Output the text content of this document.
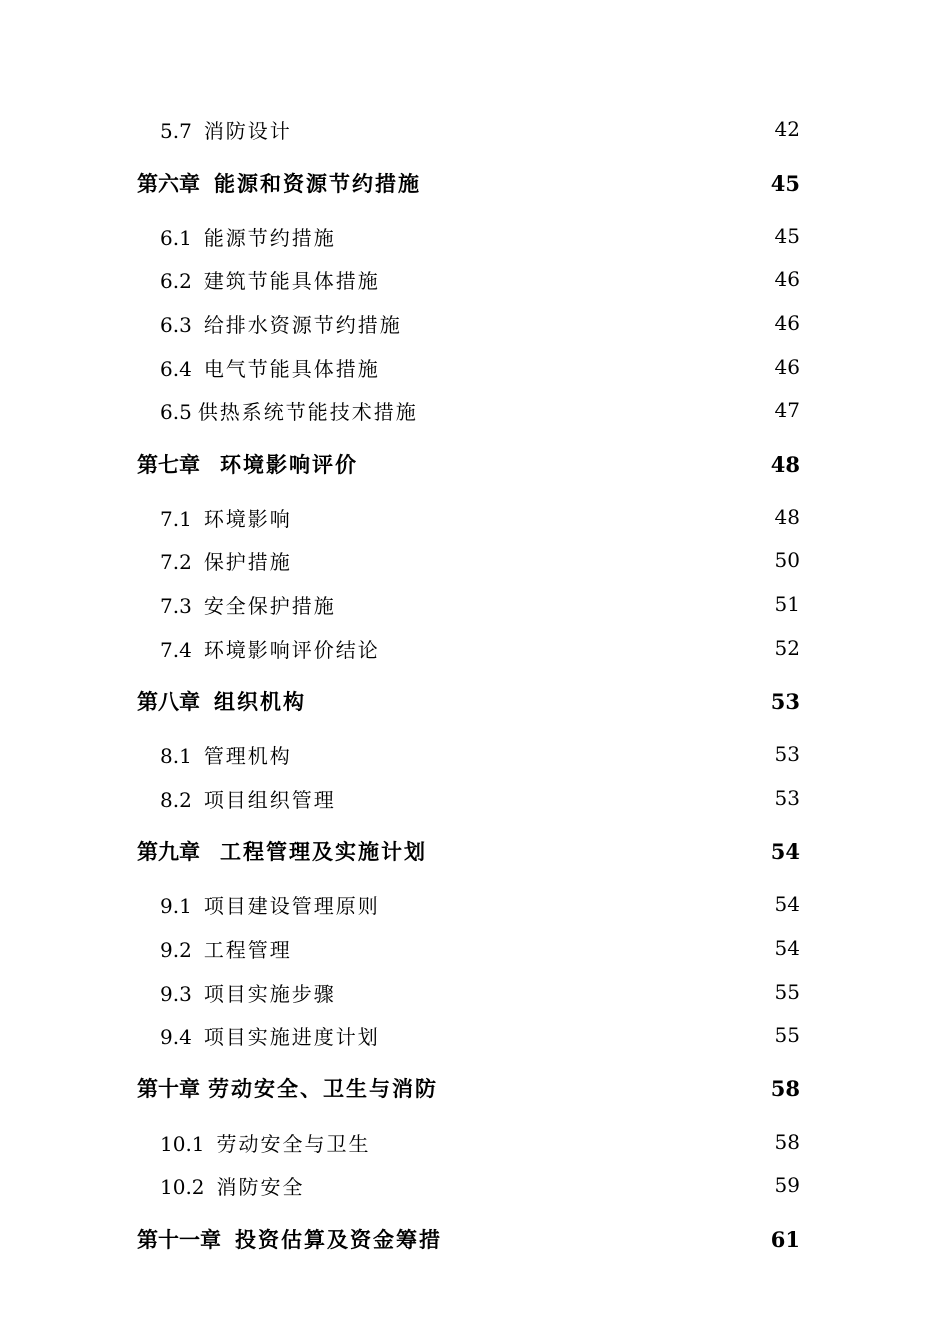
5.7 消防设计	42
第六章 能源和资源节约措施	45
6.1 能源节约措施	45
6.2 建筑节能具体措施	46
6.3 给排水资源节约措施	46
6.4 电气节能具体措施	46
6.5 供热系统节能技术措施	47
第七章 环境影响评价	48
7.1 环境影响	48
7.2 保护措施	50
7.3 安全保护措施	51
7.4 环境影响评价结论	52
第八章 组织机构	53
8.1 管理机构	53
8.2 项目组织管理	53
第九章 工程管理及实施计划	54
9.1 项目建设管理原则	54
9.2 工程管理	54
9.3 项目实施步骤	55
9.4 项目实施进度计划	55
第十章 劳动安全、卫生与消防	58
10.1 劳动安全与卫生	58
10.2 消防安全	59
第十一章 投资估算及资金筹措	61
